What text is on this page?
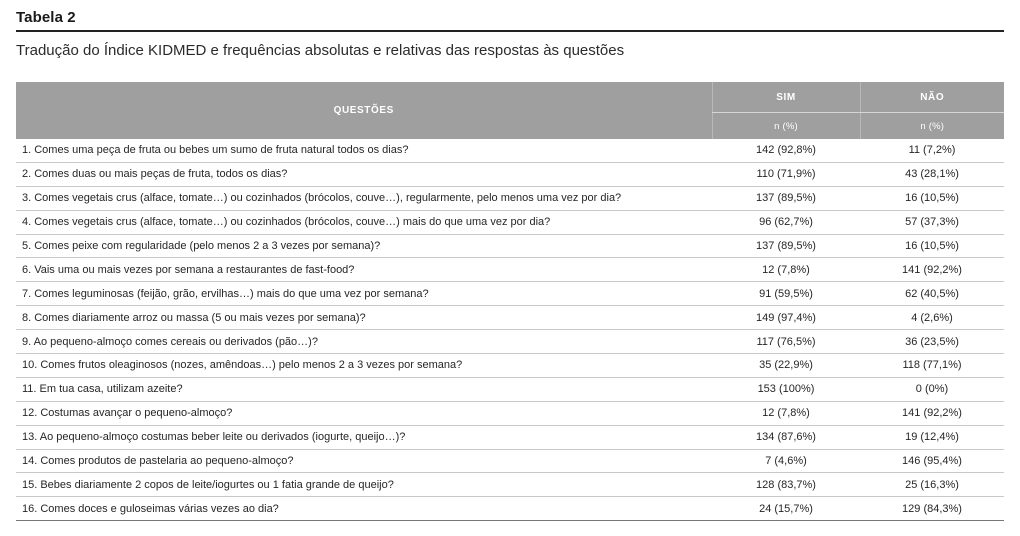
Tabela 2
Tradução do Índice KIDMED e frequências absolutas e relativas das respostas às questões
QUESTÕES	SIM	NÃO
	n (%)	n (%)
1. Comes uma peça de fruta ou bebes um sumo de fruta natural todos os dias?	142 (92,8%)	11 (7,2%)
2. Comes duas ou mais peças de fruta, todos os dias?	110 (71,9%)	43 (28,1%)
3. Comes vegetais crus (alface, tomate…) ou cozinhados (brócolos, couve…), regularmente, pelo menos uma vez por dia?	137 (89,5%)	16 (10,5%)
4. Comes vegetais crus (alface, tomate…) ou cozinhados (brócolos, couve…) mais do que uma vez por dia?	96 (62,7%)	57 (37,3%)
5. Comes peixe com regularidade (pelo menos 2 a 3 vezes por semana)?	137 (89,5%)	16 (10,5%)
6. Vais uma ou mais vezes por semana a restaurantes de fast-food?	12 (7,8%)	141 (92,2%)
7. Comes leguminosas (feijão, grão, ervilhas…) mais do que uma vez por semana?	91 (59,5%)	62 (40,5%)
8. Comes diariamente arroz ou massa (5 ou mais vezes por semana)?	149 (97,4%)	4 (2,6%)
9. Ao pequeno-almoço comes cereais ou derivados (pão…)?	117 (76,5%)	36 (23,5%)
10. Comes frutos oleaginosos (nozes, amêndoas…) pelo menos 2 a 3 vezes por semana?	35 (22,9%)	118 (77,1%)
11. Em tua casa, utilizam azeite?	153 (100%)	0 (0%)
12. Costumas avançar o pequeno-almoço?	12 (7,8%)	141 (92,2%)
13. Ao pequeno-almoço costumas beber leite ou derivados (iogurte, queijo…)?	134 (87,6%)	19 (12,4%)
14. Comes produtos de pastelaria ao pequeno-almoço?	7 (4,6%)	146 (95,4%)
15. Bebes diariamente 2 copos de leite/iogurtes ou 1 fatia grande de queijo?	128 (83,7%)	25 (16,3%)
16. Comes doces e guloseimas várias vezes ao dia?	24 (15,7%)	129 (84,3%)
